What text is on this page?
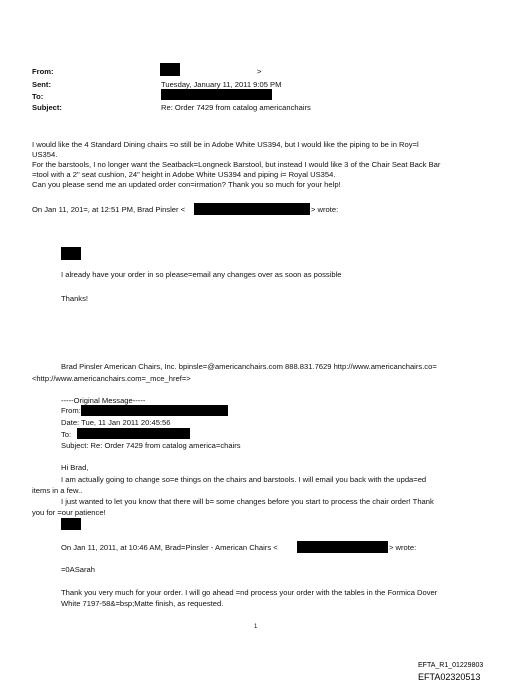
From:
Sent:
To:
Subject:
>
Tuesday, January 11, 2011 9:05 PM
Re: Order 7429 from catalog americanchairs
I would like the 4 Standard Dining chairs =o still be in Adobe White US394, but I would like the piping to be in Roy=l
US354.
For the barstools, I no longer want the Seatback=Longneck Barstool, but instead I would like 3 of the Chair Seat Back Bar
=tool with a 2" seat cushion, 24" height in Adobe White US394 and piping i= Royal US354.
Can you please send me an updated order con=irmation? Thank you so much for your help!
On Jan 11, 201=, at 12:51 PM, Brad Pinsler <	> wrote:
I already have your order in so please=email any changes over as soon as possible
Thanks!
Brad Pinsler American Chairs, Inc. bpinsle=@americanchairs.com 888.831.7629 http://www.americanchairs.co=
<http://www.americanchairs.com=_mce_href=>
-----Original Message-----
From:
Date: Tue, 11 Jan 2011 20:45:56
To:
Subject: Re: Order 7429 from catalog america=chairs
Hi Brad,
I am actually going to change so=e things on the chairs and barstools. I will email you back with the upda=ed
items in a few..
I just wanted to let you know that there will b= some changes before you start to process the chair order! Thank
you for =our patience!
On Jan 11, 2011, at 10:46 AM, Brad=Pinsler - American Chairs <	> wrote:
=0ASarah
Thank you very much for your order. I will go ahead =nd process your order with the tables in the Formica Dover
White 7197-58&=bsp;Matte finish, as requested.
1
EFTA_R1_01229803
EFTA02320513
